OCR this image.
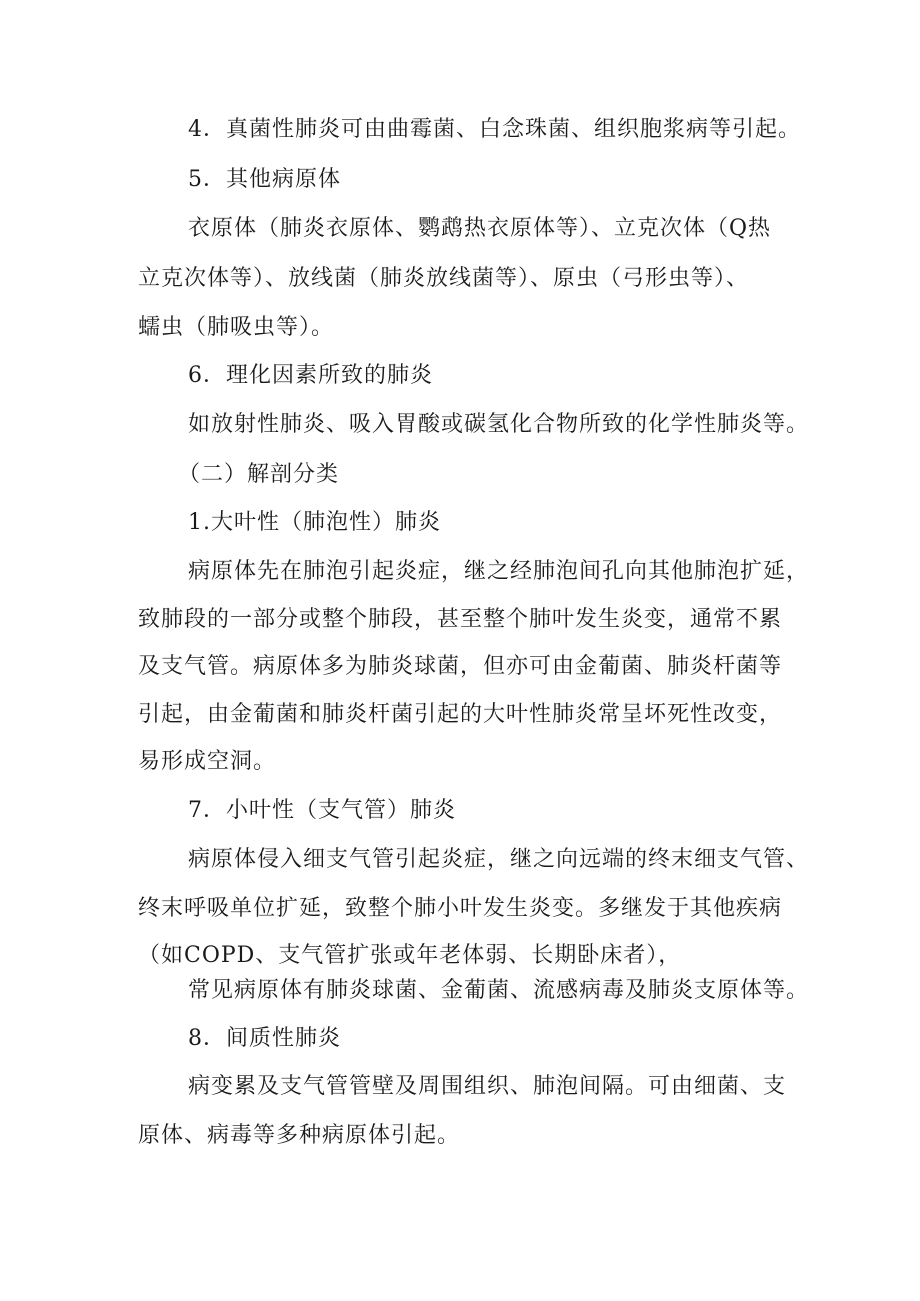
4．真菌性肺炎可由曲霉菌、白念珠菌、组织胞浆病等引起。
5．其他病原体
衣原体（肺炎衣原体、鹦鹉热衣原体等）、立克次体（Q热
立克次体等）、放线菌（肺炎放线菌等）、原虫（弓形虫等）、
蠕虫（肺吸虫等）。
6．理化因素所致的肺炎
如放射性肺炎、吸入胃酸或碳氢化合物所致的化学性肺炎等。
（二）解剖分类
1.大叶性（肺泡性）肺炎
病原体先在肺泡引起炎症，继之经肺泡间孔向其他肺泡扩延，
致肺段的一部分或整个肺段，甚至整个肺叶发生炎变，通常不累
及支气管。病原体多为肺炎球菌，但亦可由金葡菌、肺炎杆菌等
引起，由金葡菌和肺炎杆菌引起的大叶性肺炎常呈坏死性改变，
易形成空洞。
7．小叶性（支气管）肺炎
病原体侵入细支气管引起炎症，继之向远端的终末细支气管、
终末呼吸单位扩延，致整个肺小叶发生炎变。多继发于其他疾病
（如COPD、支气管扩张或年老体弱、长期卧床者），
常见病原体有肺炎球菌、金葡菌、流感病毒及肺炎支原体等。
8．间质性肺炎
病变累及支气管管壁及周围组织、肺泡间隔。可由细菌、支
原体、病毒等多种病原体引起。
